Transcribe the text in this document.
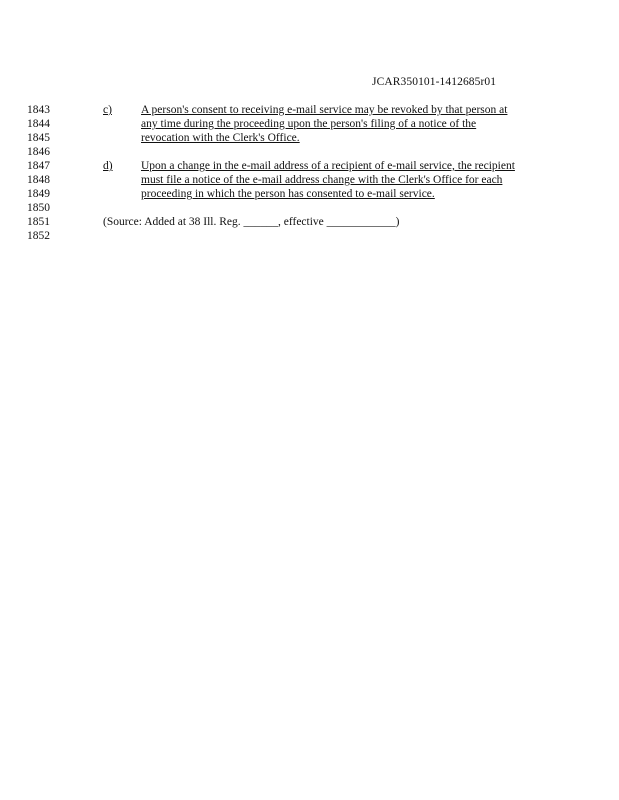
JCAR350101-1412685r01
1843	c)	A person's consent to receiving e-mail service may be revoked by that person at
1844	any time during the proceeding upon the person's filing of a notice of the
1845	revocation with the Clerk's Office.
1846
1847	d) Upon a change in the e-mail address of a recipient of e-mail service, the recipient
1848	must file a notice of the e-mail address change with the Clerk's Office for each
1849	proceeding in which the person has consented to e-mail service.
1850
1851	(Source: Added at 38 Ill. Reg. ______, effective ____________)
1852
